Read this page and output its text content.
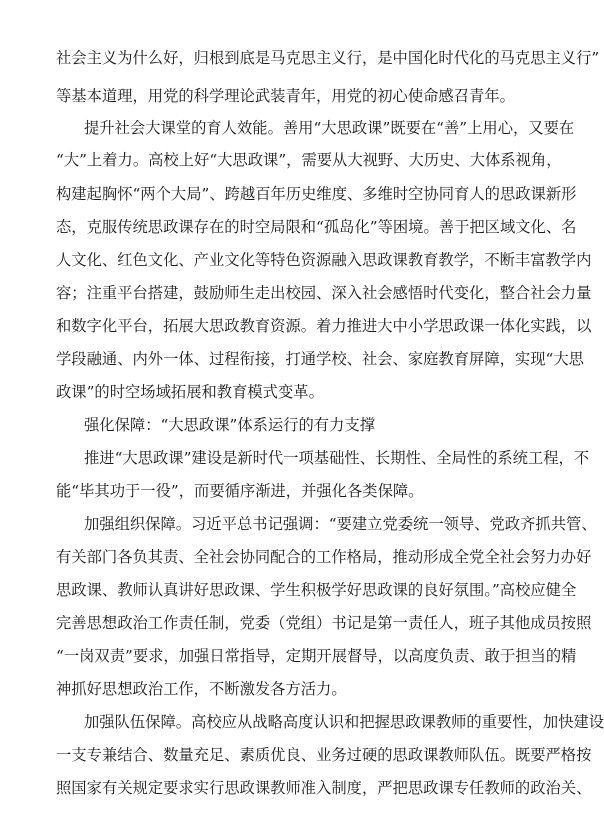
社会主义为什么好，归根到底是马克思主义行，是中国化时代化的马克思主义行”
等基本道理，用党的科学理论武装青年，用党的初心使命感召青年。
提升社会大课堂的育人效能。善用“大思政课”既要在“善”上用心，又要在
“大”上着力。高校上好“大思政课”，需要从大视野、大历史、大体系视角，
构建起胸怀“两个大局”、跨越百年历史维度、多维时空协同育人的思政课新形
态，克服传统思政课存在的时空局限和“孤岛化”等困境。善于把区域文化、名
人文化、红色文化、产业文化等特色资源融入思政课教育教学，不断丰富教学内
容；注重平台搭建，鼓励师生走出校园、深入社会感悟时代变化，整合社会力量
和数字化平台，拓展大思政教育资源。着力推进大中小学思政课一体化实践，以
学段融通、内外一体、过程衔接，打通学校、社会、家庭教育屏障，实现“大思
政课”的时空场域拓展和教育模式变革。
强化保障：“大思政课”体系运行的有力支撑
推进“大思政课”建设是新时代一项基础性、长期性、全局性的系统工程，不
能“毕其功于一役”，而要循序渐进，并强化各类保障。
加强组织保障。习近平总书记强调：“要建立党委统一领导、党政齐抓共管、
有关部门各负其责、全社会协同配合的工作格局，推动形成全党全社会努力办好
思政课、教师认真讲好思政课、学生积极学好思政课的良好氛围。”高校应健全
完善思想政治工作责任制，党委（党组）书记是第一责任人，班子其他成员按照
“一岗双责”要求，加强日常指导，定期开展督导，以高度负责、敢于担当的精
神抓好思想政治工作，不断激发各方活力。
加强队伍保障。高校应从战略高度认识和把握思政课教师的重要性，加快建设
一支专兼结合、数量充足、素质优良、业务过硬的思政课教师队伍。既要严格按
照国家有关规定要求实行思政课教师准入制度，严把思政课专任教师的政治关、
